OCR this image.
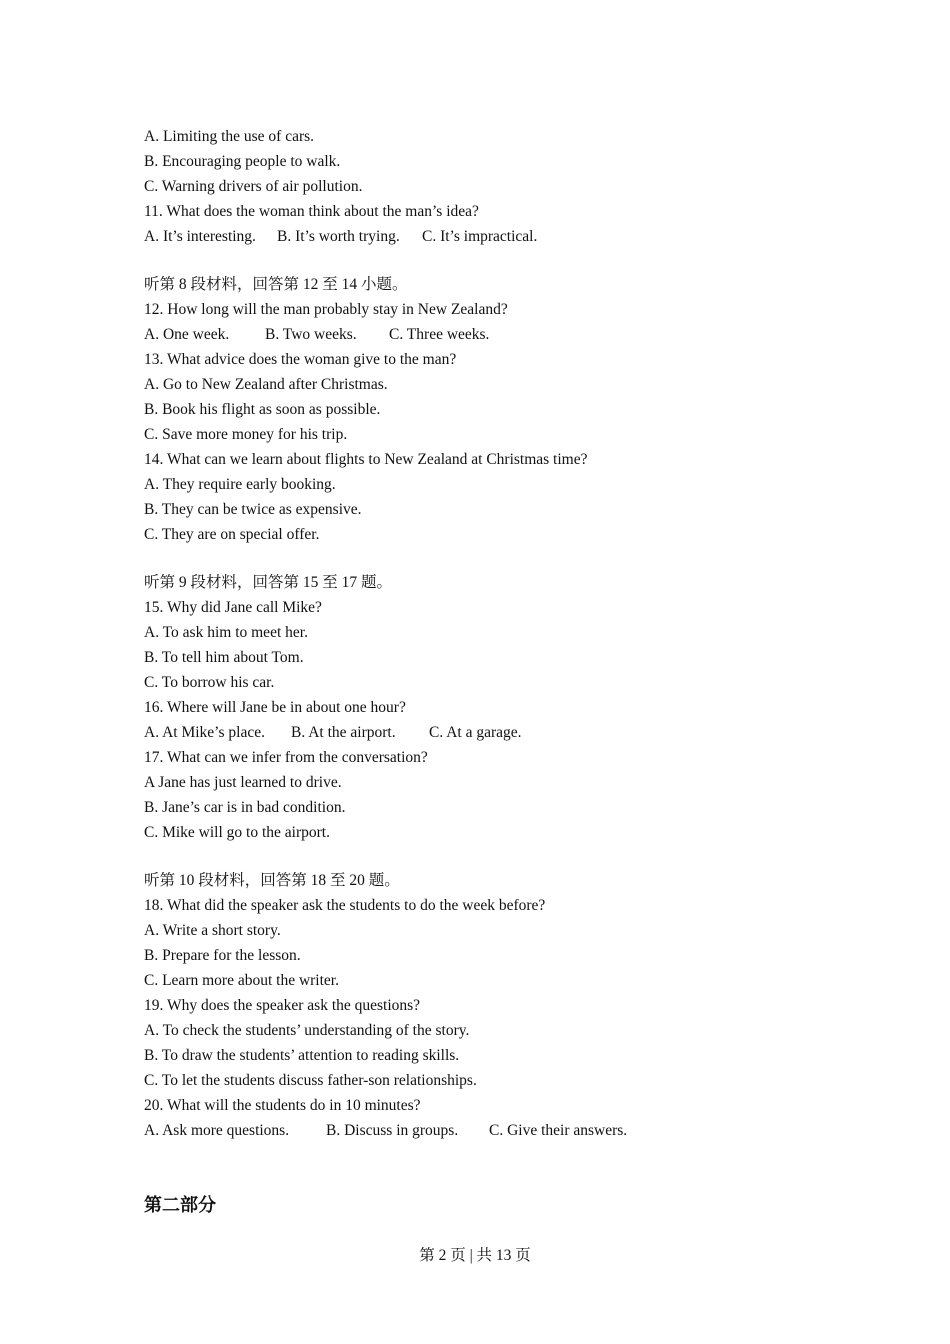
A. Limiting the use of cars.
B. Encouraging people to walk.
C. Warning drivers of air pollution.
11. What does the woman think about the man’s idea?
A. It’s interesting. B. It’s worth trying. C. It’s impractical.
听第 8 段材料，回答第 12 至 14 小题。
12. How long will the man probably stay in New Zealand?
A. One week. B. Two weeks. C. Three weeks.
13. What advice does the woman give to the man?
A. Go to New Zealand after Christmas.
B. Book his flight as soon as possible.
C. Save more money for his trip.
14. What can we learn about flights to New Zealand at Christmas time?
A. They require early booking.
B. They can be twice as expensive.
C. They are on special offer.
听第 9 段材料，回答第 15 至 17 题。
15. Why did Jane call Mike?
A. To ask him to meet her.
B. To tell him about Tom.
C. To borrow his car.
16. Where will Jane be in about one hour?
A. At Mike’s place. B. At the airport. C. At a garage.
17. What can we infer from the conversation?
A Jane has just learned to drive.
B. Jane’s car is in bad condition.
C. Mike will go to the airport.
听第 10 段材料，回答第 18 至 20 题。
18. What did the speaker ask the students to do the week before?
A. Write a short story.
B. Prepare for the lesson.
C. Learn more about the writer.
19. Why does the speaker ask the questions?
A. To check the students’ understanding of the story.
B. To draw the students’ attention to reading skills.
C. To let the students discuss father-son relationships.
20. What will the students do in 10 minutes?
A. Ask more questions. B. Discuss in groups. C. Give their answers.
第二部分
第 2 页 | 共 13 页
